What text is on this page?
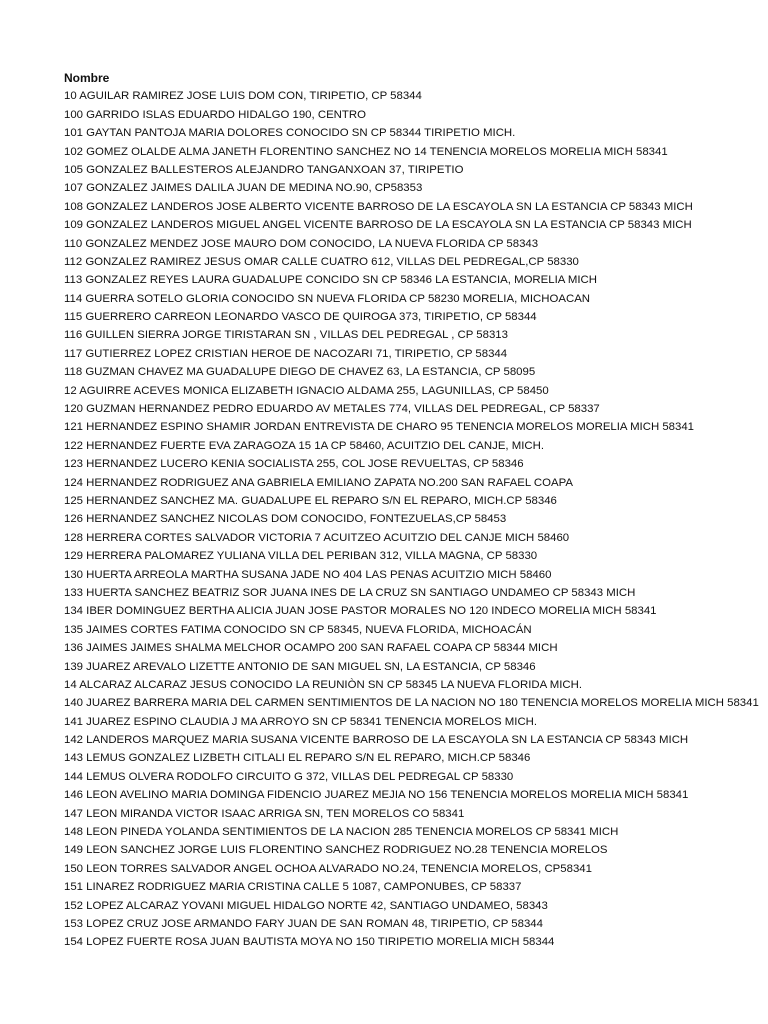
Nombre
10 AGUILAR RAMIREZ JOSE LUIS DOM CON, TIRIPETIO, CP 58344
100 GARRIDO ISLAS EDUARDO HIDALGO 190, CENTRO
101 GAYTAN PANTOJA MARIA DOLORES CONOCIDO SN CP 58344 TIRIPETIO MICH.
102 GOMEZ OLALDE ALMA JANETH FLORENTINO SANCHEZ NO 14 TENENCIA MORELOS MORELIA MICH 58341
105 GONZALEZ BALLESTEROS ALEJANDRO TANGANXOAN 37, TIRIPETIO
107 GONZALEZ JAIMES DALILA JUAN DE MEDINA NO.90, CP58353
108 GONZALEZ LANDEROS JOSE ALBERTO VICENTE BARROSO DE LA ESCAYOLA SN LA ESTANCIA CP 58343 MICH
109 GONZALEZ LANDEROS MIGUEL ANGEL VICENTE BARROSO DE LA ESCAYOLA SN LA ESTANCIA CP 58343 MICH
110 GONZALEZ MENDEZ JOSE MAURO DOM CONOCIDO, LA NUEVA FLORIDA CP 58343
112 GONZALEZ RAMIREZ JESUS OMAR CALLE CUATRO 612, VILLAS DEL PEDREGAL,CP 58330
113 GONZALEZ REYES LAURA GUADALUPE CONCIDO SN CP 58346 LA ESTANCIA, MORELIA MICH
114 GUERRA SOTELO GLORIA CONOCIDO SN NUEVA FLORIDA CP 58230 MORELIA, MICHOACAN
115 GUERRERO CARREON LEONARDO VASCO DE QUIROGA 373, TIRIPETIO, CP 58344
116 GUILLEN SIERRA JORGE TIRISTARAN SN , VILLAS DEL PEDREGAL , CP 58313
117 GUTIERREZ LOPEZ CRISTIAN HEROE DE NACOZARI 71, TIRIPETIO, CP 58344
118 GUZMAN CHAVEZ MA GUADALUPE DIEGO DE CHAVEZ 63, LA ESTANCIA, CP 58095
12 AGUIRRE ACEVES MONICA ELIZABETH IGNACIO ALDAMA 255, LAGUNILLAS, CP 58450
120 GUZMAN HERNANDEZ PEDRO EDUARDO AV METALES 774, VILLAS DEL PEDREGAL, CP 58337
121 HERNANDEZ ESPINO SHAMIR JORDAN ENTREVISTA DE CHARO 95 TENENCIA MORELOS MORELIA MICH 58341
122 HERNANDEZ FUERTE EVA ZARAGOZA 15 1A CP 58460, ACUITZIO DEL CANJE, MICH.
123 HERNANDEZ LUCERO KENIA SOCIALISTA 255, COL JOSE REVUELTAS, CP 58346
124 HERNANDEZ RODRIGUEZ ANA GABRIELA EMILIANO ZAPATA NO.200 SAN RAFAEL COAPA
125 HERNANDEZ SANCHEZ MA. GUADALUPE EL REPARO S/N EL REPARO, MICH.CP 58346
126 HERNANDEZ SANCHEZ NICOLAS DOM CONOCIDO, FONTEZUELAS,CP 58453
128 HERRERA CORTES SALVADOR VICTORIA 7 ACUITZEO ACUITZIO DEL CANJE MICH 58460
129 HERRERA PALOMAREZ YULIANA VILLA DEL PERIBAN 312, VILLA MAGNA, CP 58330
130 HUERTA ARREOLA MARTHA SUSANA JADE NO 404 LAS PENAS ACUITZIO MICH 58460
133 HUERTA SANCHEZ BEATRIZ SOR JUANA INES DE LA CRUZ SN SANTIAGO UNDAMEO CP 58343 MICH
134 IBER DOMINGUEZ BERTHA ALICIA JUAN JOSE PASTOR MORALES NO 120 INDECO MORELIA MICH 58341
135 JAIMES CORTES FATIMA CONOCIDO SN CP 58345, NUEVA FLORIDA, MICHOACÁN
136 JAIMES JAIMES SHALMA MELCHOR OCAMPO 200 SAN RAFAEL COAPA CP 58344 MICH
139 JUAREZ AREVALO LIZETTE ANTONIO DE SAN MIGUEL SN, LA ESTANCIA, CP 58346
14 ALCARAZ ALCARAZ JESUS CONOCIDO LA REUNIÒN SN CP 58345 LA NUEVA FLORIDA MICH.
140 JUAREZ BARRERA MARIA DEL CARMEN SENTIMIENTOS DE LA NACION NO 180 TENENCIA MORELOS MORELIA MICH 58341
141 JUAREZ ESPINO CLAUDIA J MA ARROYO SN CP 58341 TENENCIA MORELOS MICH.
142 LANDEROS MARQUEZ MARIA SUSANA VICENTE BARROSO DE LA ESCAYOLA SN LA ESTANCIA CP 58343 MICH
143 LEMUS GONZALEZ LIZBETH CITLALI EL REPARO S/N EL REPARO, MICH.CP 58346
144 LEMUS OLVERA RODOLFO CIRCUITO G 372, VILLAS DEL PEDREGAL CP 58330
146 LEON AVELINO MARIA DOMINGA FIDENCIO JUAREZ MEJIA NO 156 TENENCIA MORELOS MORELIA MICH 58341
147 LEON MIRANDA VICTOR ISAAC ARRIGA SN, TEN MORELOS CO 58341
148 LEON PINEDA YOLANDA SENTIMIENTOS DE LA NACION 285 TENENCIA MORELOS CP 58341 MICH
149 LEON SANCHEZ JORGE LUIS FLORENTINO SANCHEZ RODRIGUEZ NO.28 TENENCIA MORELOS
150 LEON TORRES SALVADOR ANGEL OCHOA ALVARADO NO.24, TENENCIA MORELOS, CP58341
151 LINAREZ RODRIGUEZ MARIA CRISTINA CALLE 5 1087, CAMPONUBES, CP 58337
152 LOPEZ ALCARAZ YOVANI MIGUEL HIDALGO NORTE 42, SANTIAGO UNDAMEO, 58343
153 LOPEZ CRUZ JOSE ARMANDO FARY JUAN DE SAN ROMAN 48, TIRIPETIO, CP 58344
154 LOPEZ FUERTE ROSA JUAN BAUTISTA MOYA NO 150 TIRIPETIO MORELIA MICH 58344
